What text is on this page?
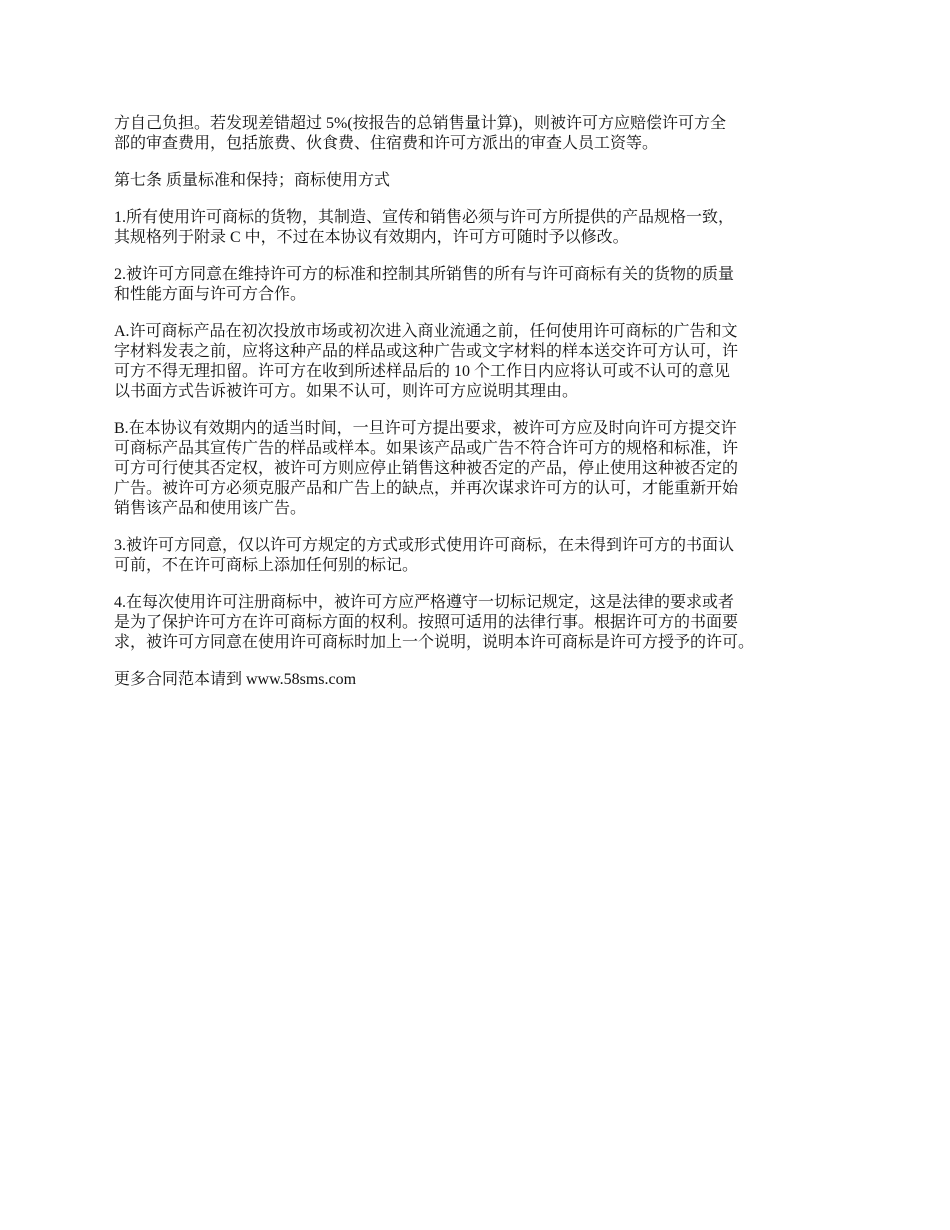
方自己负担。若发现差错超过 5%(按报告的总销售量计算)，则被许可方应赔偿许可方全
部的审查费用，包括旅费、伙食费、住宿费和许可方派出的审查人员工资等。

第七条 质量标准和保持；商标使用方式

1.所有使用许可商标的货物，其制造、宣传和销售必须与许可方所提供的产品规格一致，
其规格列于附录 C 中，不过在本协议有效期内，许可方可随时予以修改。

2.被许可方同意在维持许可方的标准和控制其所销售的所有与许可商标有关的货物的质量
和性能方面与许可方合作。

A.许可商标产品在初次投放市场或初次进入商业流通之前，任何使用许可商标的广告和文
字材料发表之前，应将这种产品的样品或这种广告或文字材料的样本送交许可方认可，许
可方不得无理扣留。许可方在收到所述样品后的 10 个工作日内应将认可或不认可的意见
以书面方式告诉被许可方。如果不认可，则许可方应说明其理由。

B.在本协议有效期内的适当时间，一旦许可方提出要求，被许可方应及时向许可方提交许
可商标产品其宣传广告的样品或样本。如果该产品或广告不符合许可方的规格和标准，许
可方可行使其否定权，被许可方则应停止销售这种被否定的产品，停止使用这种被否定的
广告。被许可方必须克服产品和广告上的缺点，并再次谋求许可方的认可，才能重新开始
销售该产品和使用该广告。

3.被许可方同意，仅以许可方规定的方式或形式使用许可商标，在未得到许可方的书面认
可前，不在许可商标上添加任何别的标记。

4.在每次使用许可注册商标中，被许可方应严格遵守一切标记规定，这是法律的要求或者
是为了保护许可方在许可商标方面的权利。按照可适用的法律行事。根据许可方的书面要
求，被许可方同意在使用许可商标时加上一个说明，说明本许可商标是许可方授予的许可。

更多合同范本请到 www.58sms.com
